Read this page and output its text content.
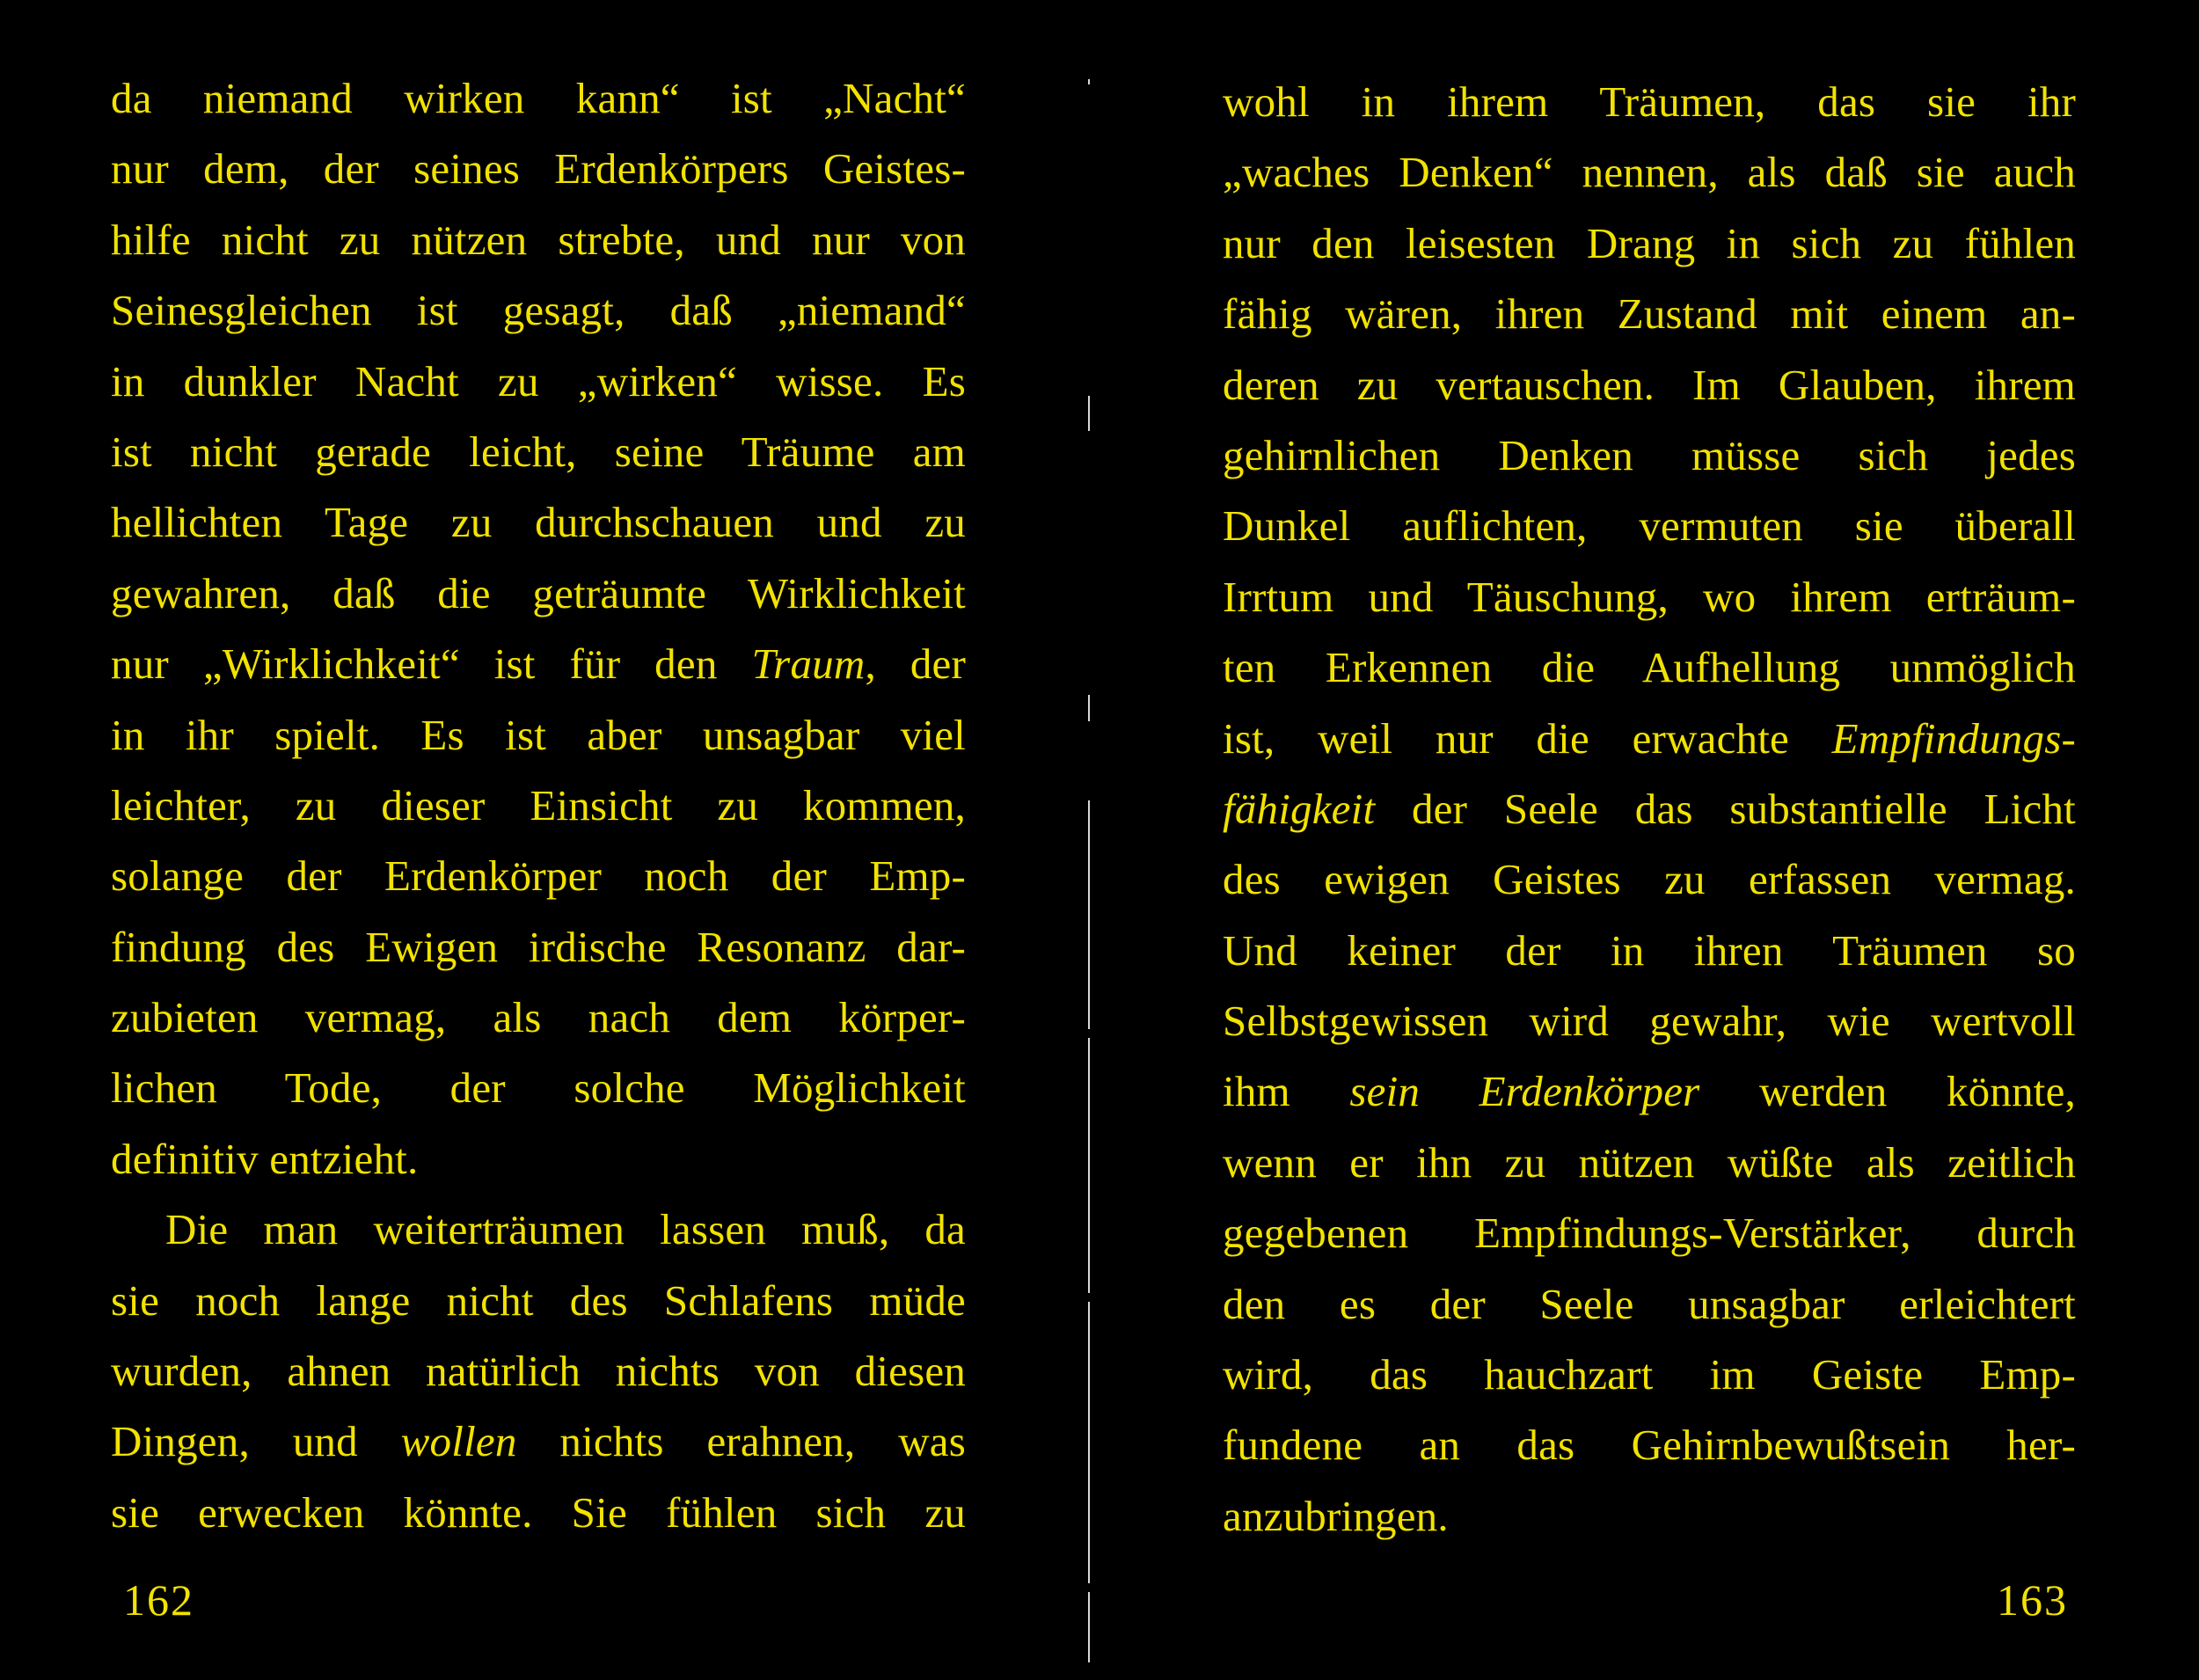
da niemand wirken kann“ ist „Nacht“
nur dem, der seines Erdenkörpers Geistes-
hilfe nicht zu nützen strebte, und nur von
Seinesgleichen ist gesagt, daß „niemand“
in dunkler Nacht zu „wirken“ wisse. Es
ist nicht gerade leicht, seine Träume am
hellichten Tage zu durchschauen und zu
gewahren, daß die geträumte Wirklichkeit
nur „Wirklichkeit“ ist für den Traum, der
in ihr spielt. Es ist aber unsagbar viel
leichter, zu dieser Einsicht zu kommen,
solange der Erdenkörper noch der Emp-
findung des Ewigen irdische Resonanz dar-
zubieten vermag, als nach dem körper-
lichen Tode, der solche Möglichkeit
definitiv entzieht.
Die man weiterträumen lassen muß, da
sie noch lange nicht des Schlafens müde
wurden, ahnen natürlich nichts von diesen
Dingen, und wollen nichts erahnen, was
sie erwecken könnte. Sie fühlen sich zu
162
wohl in ihrem Träumen, das sie ihr
„waches Denken“ nennen, als daß sie auch
nur den leisesten Drang in sich zu fühlen
fähig wären, ihren Zustand mit einem an-
deren zu vertauschen. Im Glauben, ihrem
gehirnlichen Denken müsse sich jedes
Dunkel auflichten, vermuten sie überall
Irrtum und Täuschung, wo ihrem erträum-
ten Erkennen die Aufhellung unmöglich
ist, weil nur die erwachte Empfindungs-
fähigkeit der Seele das substantielle Licht
des ewigen Geistes zu erfassen vermag.
Und keiner der in ihren Träumen so
Selbstgewissen wird gewahr, wie wertvoll
ihm sein Erdenkörper werden könnte,
wenn er ihn zu nützen wüßte als zeitlich
gegebenen Empfindungs-Verstärker, durch
den es der Seele unsagbar erleichtert
wird, das hauchzart im Geiste Emp-
fundene an das Gehirnbewußtsein her-
anzubringen.
163
